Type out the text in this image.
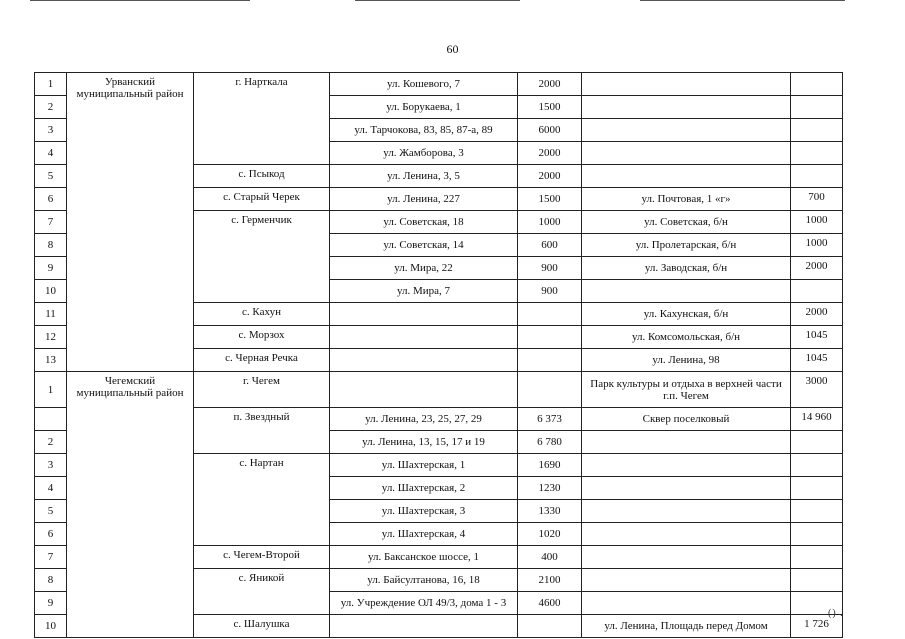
60
1	Урванский муниципальный район	г. Нарткала	ул. Кошевого, 7	2000		
2			ул. Борукаева, 1	1500		
3			ул. Тарчокова, 83, 85, 87-а, 89	6000		
4			ул. Жамборова, 3	2000		
5		с. Псыкод	ул. Ленина, 3, 5	2000		
6		с. Старый Черек	ул. Ленина, 227	1500	ул. Почтовая, 1 «г»	700
7		с. Герменчик	ул. Советская, 18	1000	ул. Советская, б/н	1000
8			ул. Советская, 14	600	ул. Пролетарская, б/н	1000
9			ул. Мира, 22	900	ул. Заводская, б/н	2000
10			ул. Мира, 7	900		
11		с. Кахун			ул. Кахунская, б/н	2000
12		с. Морзох			ул. Комсомольская, б/н	1045
13		с. Черная Речка			ул. Ленина, 98	1045
1	Чегемский муниципальный район	г. Чегем			Парк культуры и отдыха в верхней части г.п. Чегем	3000
		п. Звездный	ул. Ленина, 23, 25, 27, 29	6 373	Сквер поселковый	14 960
2			ул. Ленина, 13, 15, 17 и 19	6 780		
3		с. Нартан	ул. Шахтерская, 1	1690		
4			ул. Шахтерская, 2	1230		
5			ул. Шахтерская, 3	1330		
6			ул. Шахтерская, 4	1020		
7		с. Чегем-Второй	ул. Баксанское шоссе, 1	400		
8		с. Яникой	ул. Байсултанова, 16, 18	2100		
9			ул. Учреждение ОЛ 49/3, дома 1 - 3	4600		
10		с. Шалушка			ул. Ленина, Площадь перед Домом	1 726
() .
